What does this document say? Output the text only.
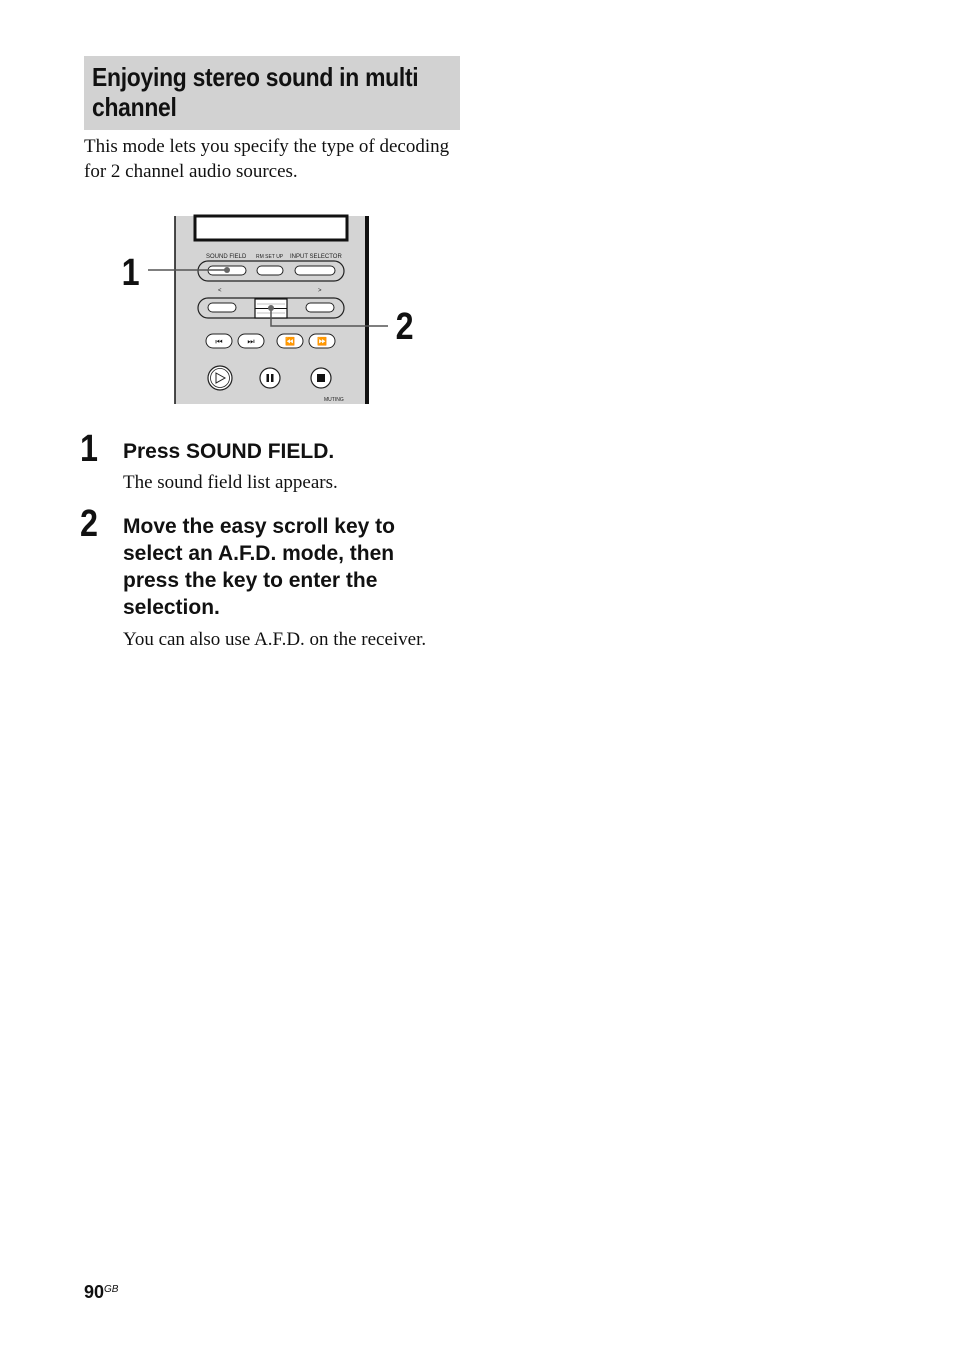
Enjoying stereo sound in multi channel

This mode lets you specify the type of decoding for 2 channel audio sources.

SOUND FIELD RM SET UP INPUT SELECTOR
<	>
⏮	⏭	⏪	⏩
MUTING
1
2
1 Press SOUND FIELD.

The sound field list appears.

2 Move the easy scroll key to select an A.F.D. mode, then press the key to enter the selection.

You can also use A.F.D. on the receiver.

$90^{GB}$
